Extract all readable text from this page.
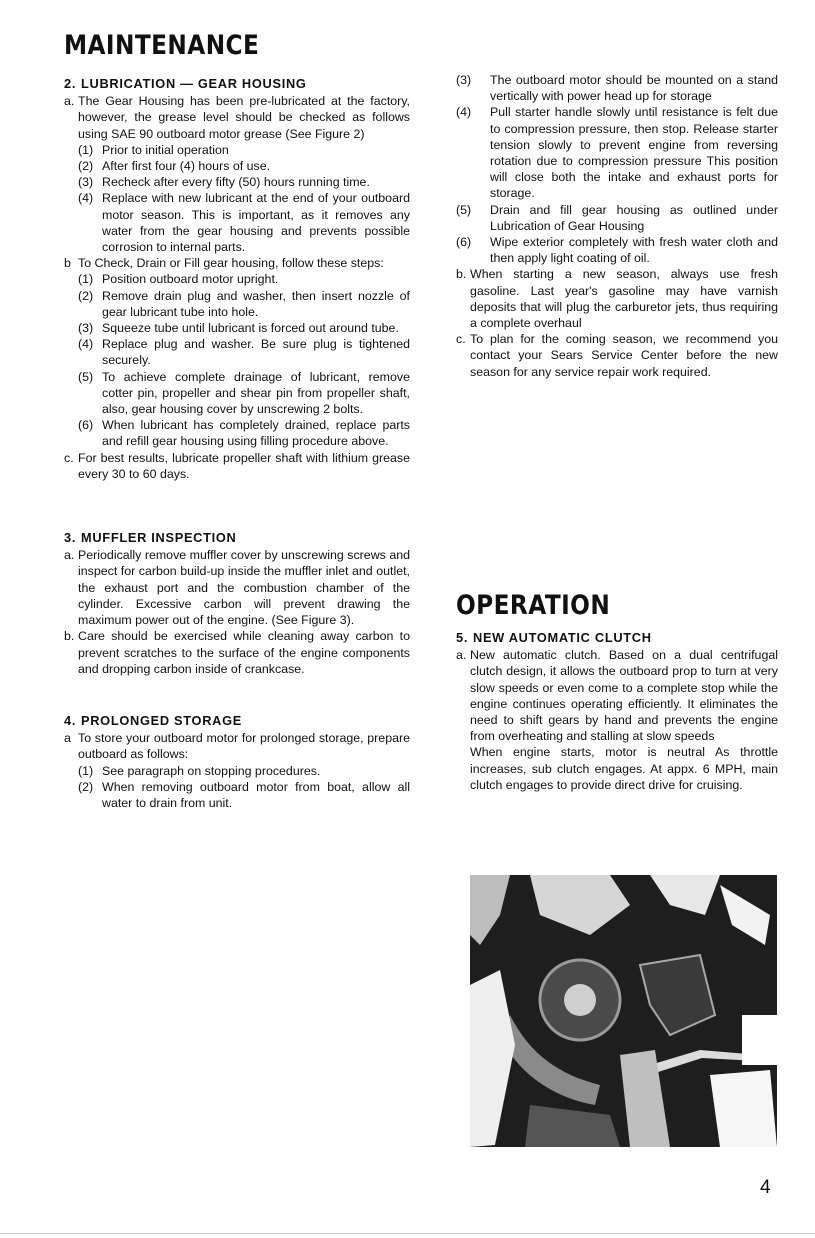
MAINTENANCE
2. LUBRICATION — GEAR HOUSING
a. The Gear Housing has been pre-lubricated at the factory, however, the grease level should be checked as follows using SAE 90 outboard motor grease (See Figure 2)
(1) Prior to initial operation
(2) After first four (4) hours of use.
(3) Recheck after every fifty (50) hours running time.
(4) Replace with new lubricant at the end of your outboard motor season. This is important, as it removes any water from the gear housing and prevents possible corrosion to internal parts.
b To Check, Drain or Fill gear housing, follow these steps:
(1) Position outboard motor upright.
(2) Remove drain plug and washer, then insert nozzle of gear lubricant tube into hole.
(3) Squeeze tube until lubricant is forced out around tube.
(4) Replace plug and washer. Be sure plug is tightened securely.
(5) To achieve complete drainage of lubricant, remove cotter pin, propeller and shear pin from propeller shaft, also, gear housing cover by unscrewing 2 bolts.
(6) When lubricant has completely drained, replace parts and refill gear housing using filling procedure above.
c. For best results, lubricate propeller shaft with lithium grease every 30 to 60 days.
3. MUFFLER INSPECTION
a. Periodically remove muffler cover by unscrewing screws and inspect for carbon build-up inside the muffler inlet and outlet, the exhaust port and the combustion chamber of the cylinder. Excessive carbon will prevent drawing the maximum power out of the engine. (See Figure 3).
b. Care should be exercised while cleaning away carbon to prevent scratches to the surface of the engine components and dropping carbon inside of crankcase.
4. PROLONGED STORAGE
a To store your outboard motor for prolonged storage, prepare outboard as follows:
(1) See paragraph on stopping procedures.
(2) When removing outboard motor from boat, allow all water to drain from unit.
(3)	The outboard motor should be mounted on a stand vertically with power head up for storage
(4)	Pull starter handle slowly until resistance is felt due to compression pressure, then stop. Release starter tension slowly to prevent engine from reversing rotation due to compression pressure This position will close both the intake and exhaust ports for storage.
(5)	Drain and fill gear housing as outlined under Lubrication of Gear Housing
(6)	Wipe exterior completely with fresh water cloth and then apply light coating of oil.
b. When starting a new season, always use fresh gasoline. Last year's gasoline may have varnish deposits that will plug the carburetor jets, thus requiring a complete overhaul
c. To plan for the coming season, we recommend you contact your Sears Service Center before the new season for any service repair work required.
OPERATION
5. NEW AUTOMATIC CLUTCH
a. New automatic clutch. Based on a dual centrifugal clutch design, it allows the outboard prop to turn at very slow speeds or even come to a complete stop while the engine continues operating efficiently. It eliminates the need to shift gears by hand and prevents the engine from overheating and stalling at slow speeds
When engine starts, motor is neutral As throttle increases, sub clutch engages. At appx. 6 MPH, main clutch engages to provide direct drive for cruising.
4
